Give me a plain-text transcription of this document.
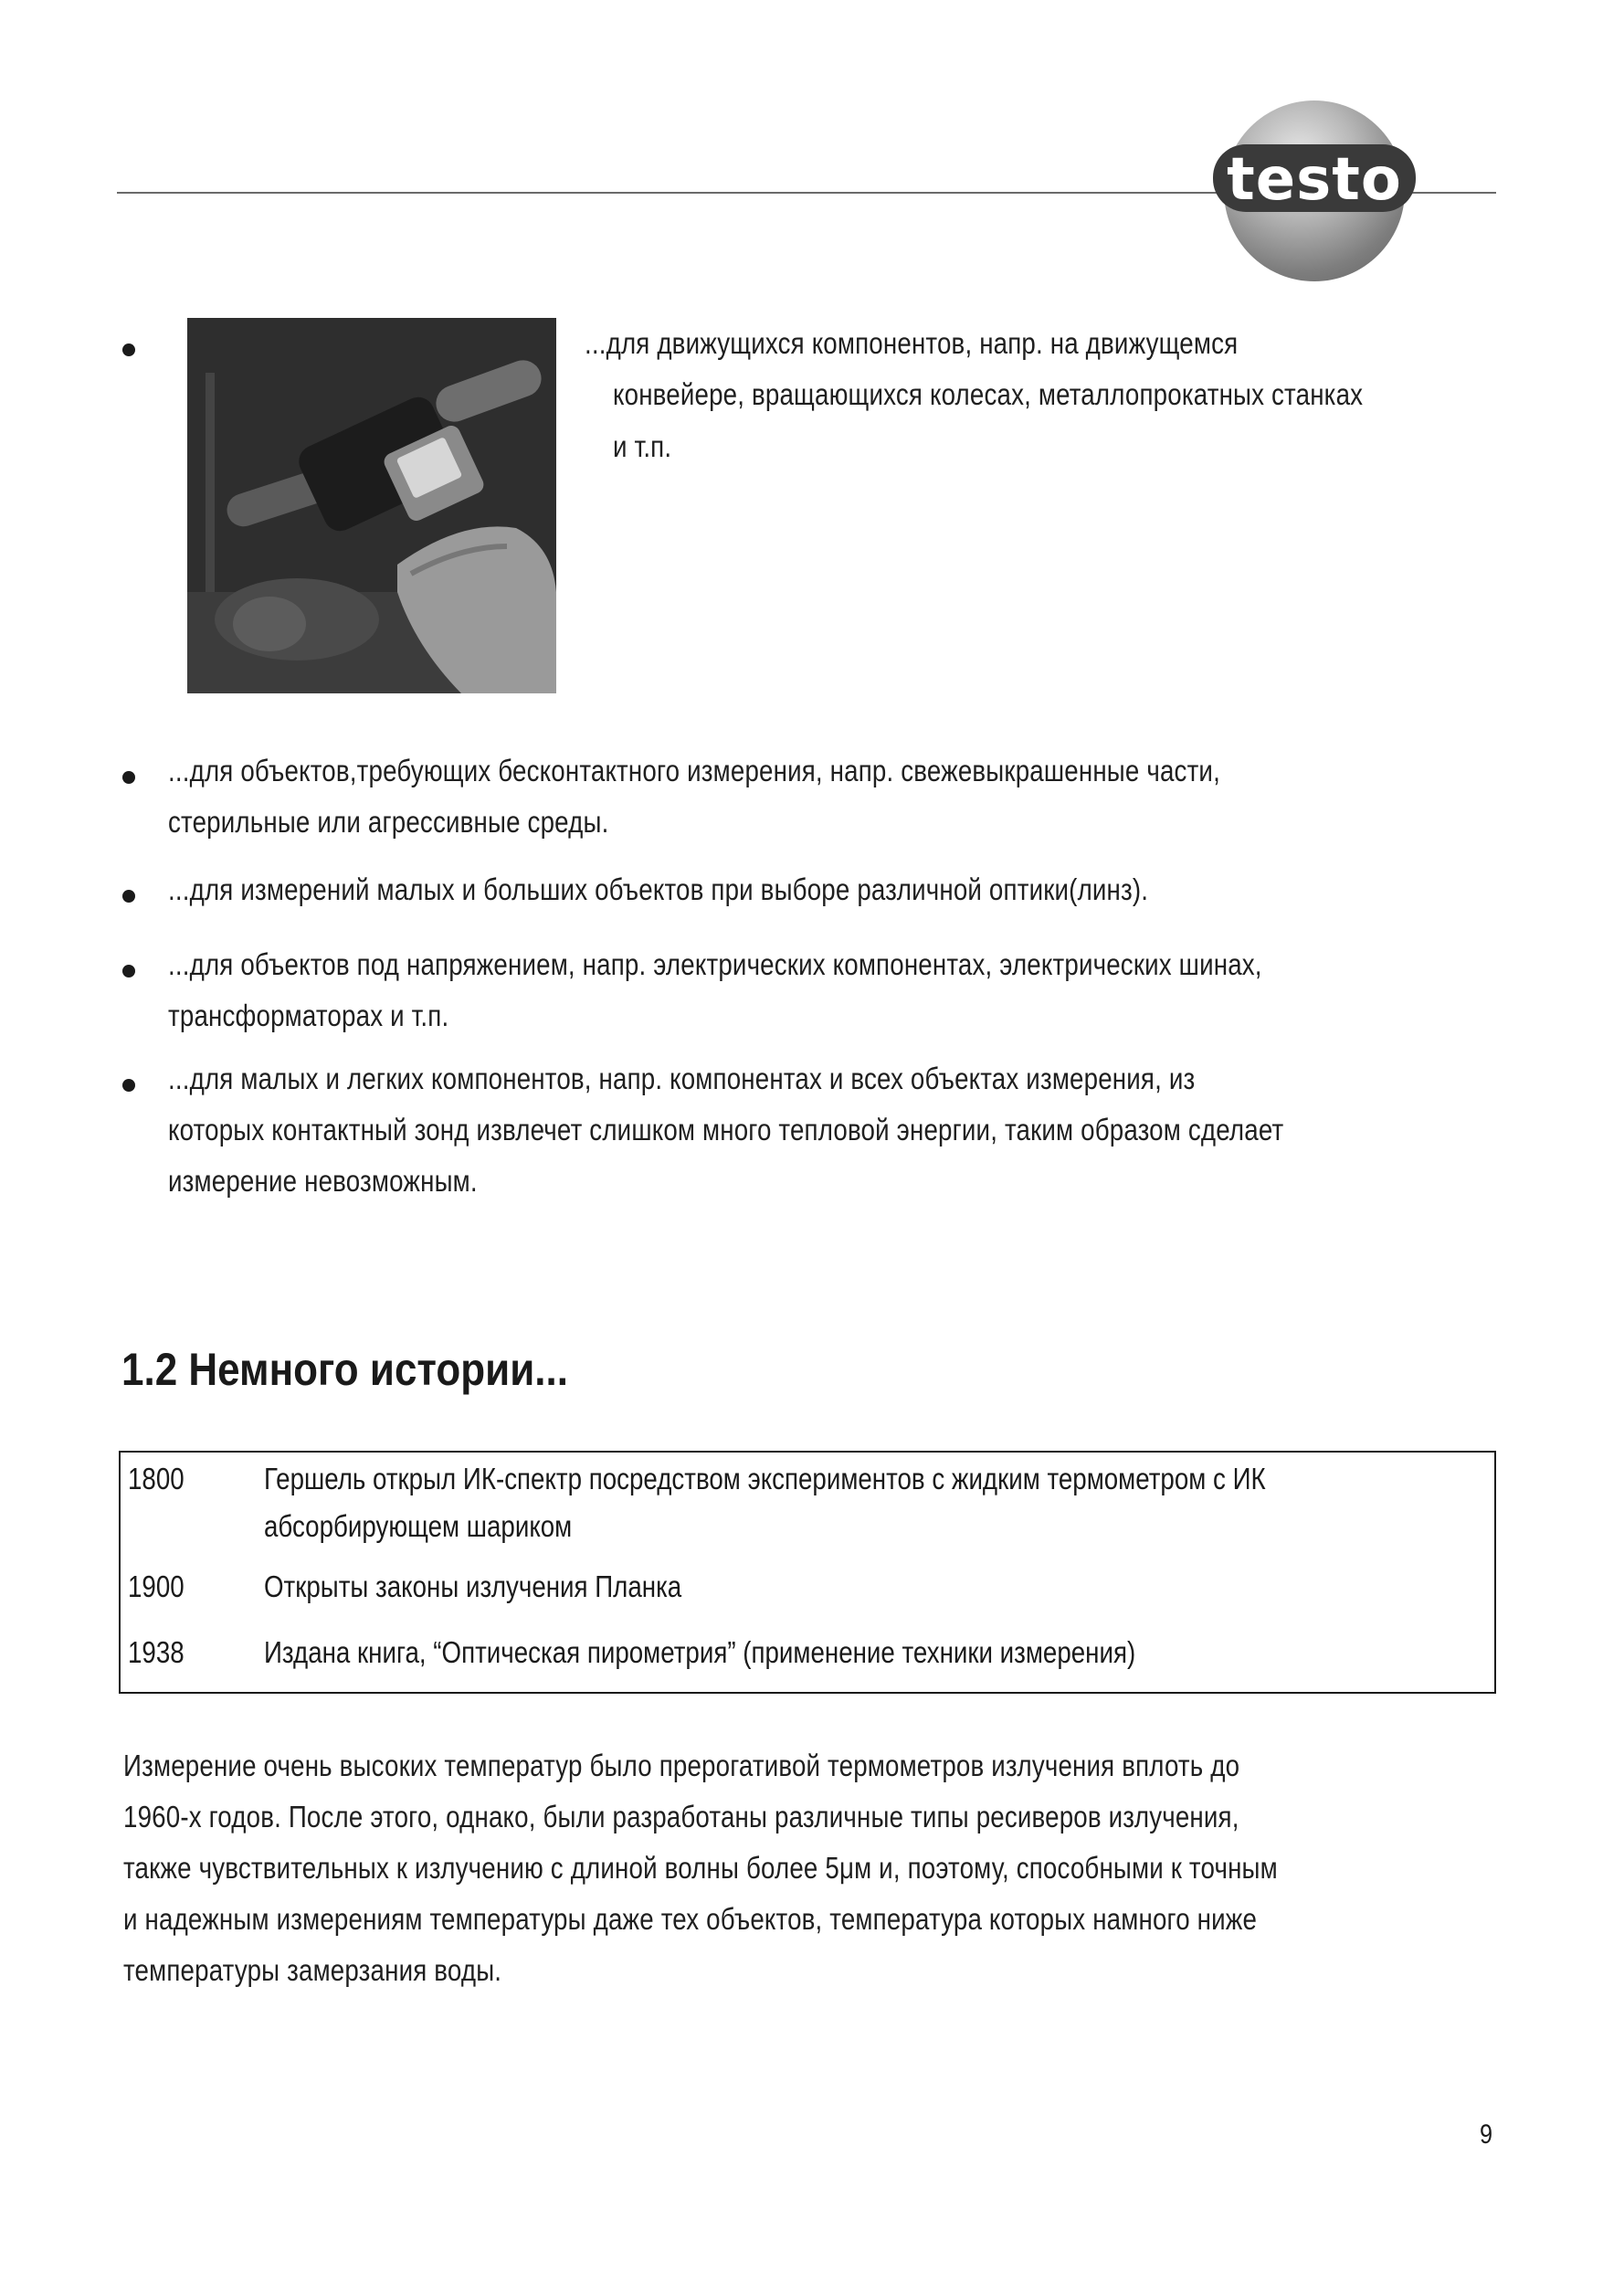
testo
...для движущихся компонентов, напр. на движущемся
конвейере, вращающихся колесах, металлопрокатных станках
и т.п.
...для объектов,требующих бесконтактного измерения, напр. свежевыкрашенные части,
стерильные или агрессивные среды.
...для измерений малых и больших объектов при выборе различной оптики(линз).
...для объектов под напряжением, напр. электрических компонентах, электрических шинах,
трансформаторах и т.п.
...для малых и легких компонентов, напр. компонентах и всех объектах измерения, из
которых контактный зонд извлечет слишком много тепловой энергии, таким образом сделает
измерение невозможным.
1.2 Немного истории...
1800	Гершель открыл ИК-спектр посредством экспериментов с жидким термометром с ИК
абсорбирующем шариком
1900	Открыты законы излучения Планка
1938	Издана книга, “Оптическая пирометрия” (применение техники измерения)
Измерение очень высоких температур было прерогативой термометров излучения вплоть до
1960-х годов. После этого, однако, были разработаны различные типы ресиверов излучения,
также чувствительных к излучению с длиной волны более 5μм и, поэтому, способными к точным
и надежным измерениям температуры даже тех объектов, температура которых намного ниже
температуры замерзания воды.
9
